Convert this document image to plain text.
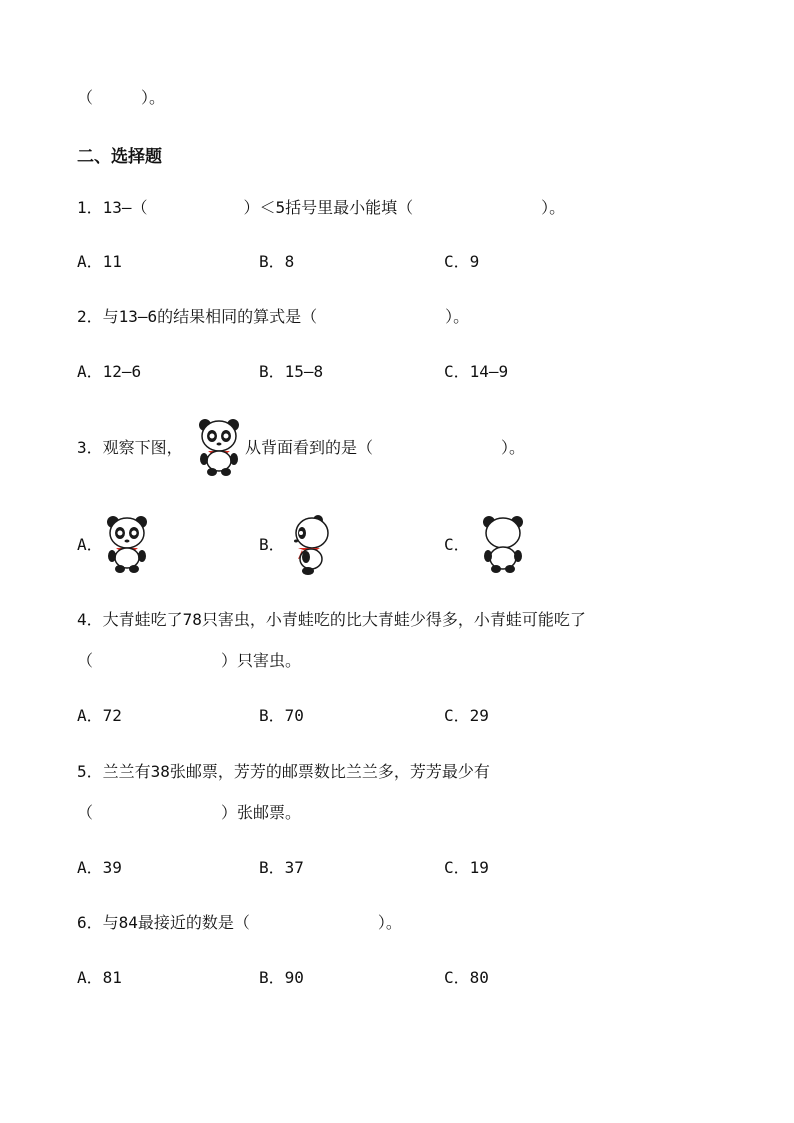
（　　　）。
二、选择题
1．13—（　　　　　　）＜5括号里最小能填（　　　　　　　　）。
A．11	B．8	C．9
2．与13—6的结果相同的算式是（　　　　　　　　）。
A．12—6	B．15—8	C．14—9
3．观察下图，	从背面看到的是（　　　　　　　　）。
A．	B．	C．
4．大青蛙吃了78只害虫，小青蛙吃的比大青蛙少得多，小青蛙可能吃了
（　　　　　　　　）只害虫。
A．72	B．70	C．29
5．兰兰有38张邮票，芳芳的邮票数比兰兰多，芳芳最少有
（　　　　　　　　）张邮票。
A．39	B．37	C．19
6．与84最接近的数是（　　　　　　　　）。
A．81	B．90	C．80
